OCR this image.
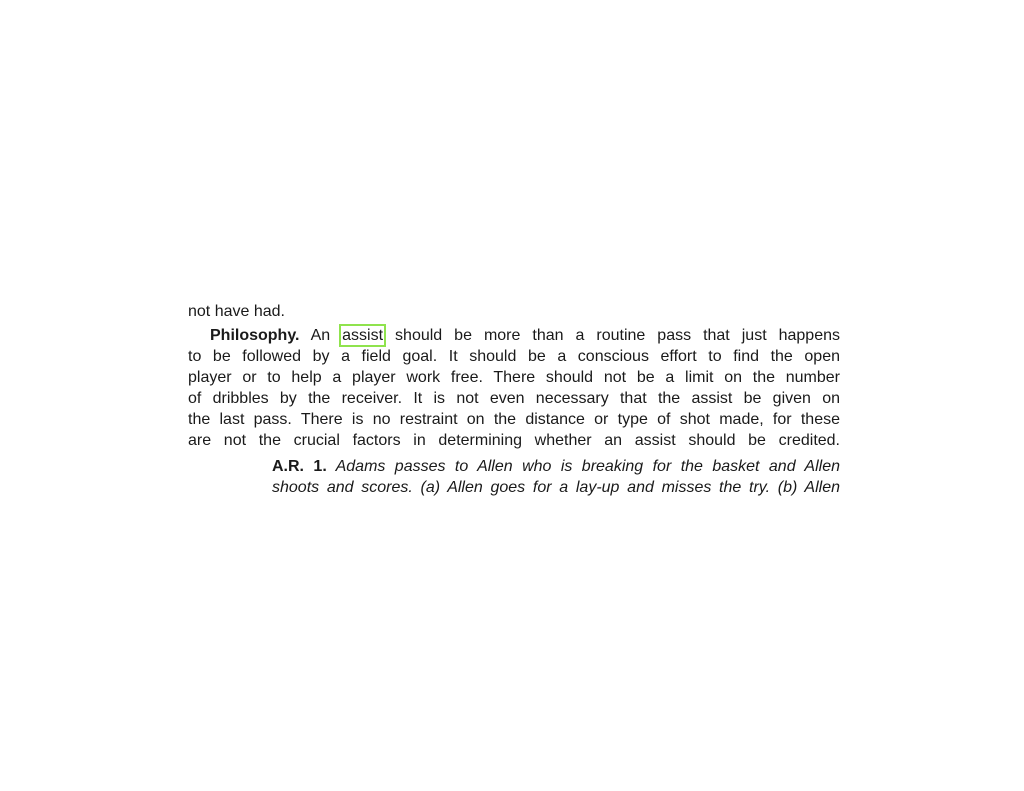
not have had.
Philosophy. An assist should be more than a routine pass that just happens
to be followed by a field goal. It should be a conscious effort to find the open
player or to help a player work free. There should not be a limit on the number
of dribbles by the receiver. It is not even necessary that the assist be given on
the last pass. There is no restraint on the distance or type of shot made, for these
are not the crucial factors in determining whether an assist should be credited.
A.R. 1. Adams passes to Allen who is breaking for the basket and Allen
shoots and scores. (a) Allen goes for a lay-up and misses the try. (b) Allen
